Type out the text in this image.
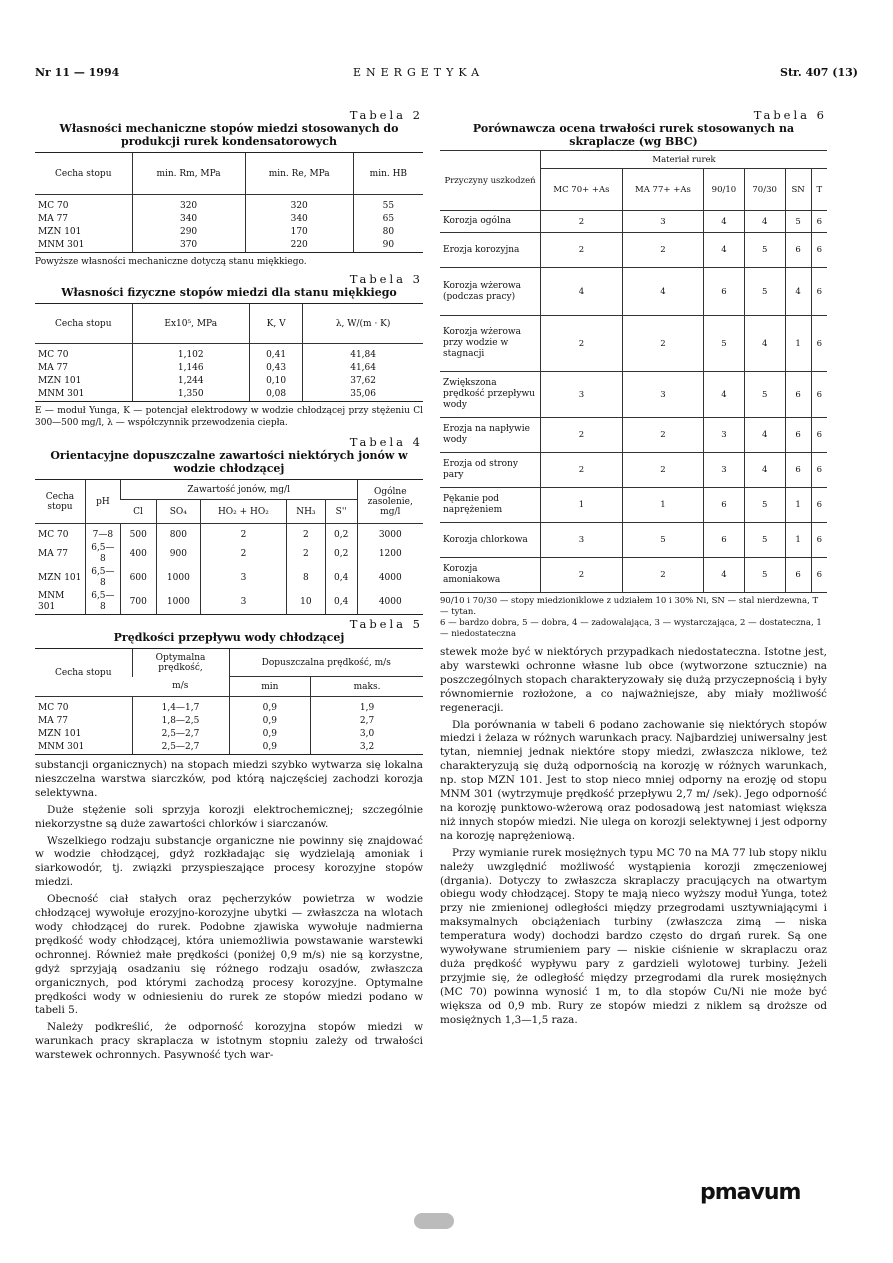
Nr 11 — 1994	ENERGETYKA	Str. 407 (13)
Tabela 2
Własności mechaniczne stopów miedzi stosowanych do produkcji rurek kondensatorowych
Cecha stopu	min. Rm, MPa	min. Re, MPa	min. HB
MC 70	320	320	55
MA 77	340	340	65
MZN 101	290	170	80
MNM 301	370	220	90

Powyższe własności mechaniczne dotyczą stanu miękkiego.

Tabela 3
Własności fizyczne stopów miedzi dla stanu miękkiego
Cecha stopu	Ex10⁵, MPa	K, V	λ, W/(m · K)
MC 70	1,102	0,41	41,84
MA 77	1,146	0,43	41,64
MZN 101	1,244	0,10	37,62
MNM 301	1,350	0,08	35,06

E — moduł Yunga, K — potencjał elektrodowy w wodzie chłodzącej przy stężeniu Cl 300—500 mg/l, λ — współczynnik przewodzenia ciepła.

Tabela 4
Orientacyjne dopuszczalne zawartości niektórych jonów w wodzie chłodzącej
Cecha stopu	pH	Zawartość jonów, mg/l					Ogólne zasolenie, mg/l
		Cl	SO₄	HO₂ + HO₂	NH₃	S''	
MC 70	7—8	500	800	2	2	0,2	3000
MA 77	6,5—8	400	900	2	2	0,2	1200
MZN 101	6,5—8	600	1000	3	8	0,4	4000
MNM 301	6,5—8	700	1000	3	10	0,4	4000
Tabela 5
Prędkości przepływu wody chłodzącej
Cecha stopu	Optymalna prędkość,	Dopuszczalna prędkość, m/s	
	m/s	min	maks.
MC 70	1,4—1,7	0,9	1,9
MA 77	1,8—2,5	0,9	2,7
MZN 101	2,5—2,7	0,9	3,0
MNM 301	2,5—2,7	0,9	3,2

substancji organicznych) na stopach miedzi szybko wytwarza się lokalna nieszczelna warstwa siarczków, pod którą najczęściej zachodzi korozja selektywna.

Duże stężenie soli sprzyja korozji elektrochemicznej; szczególnie niekorzystne są duże zawartości chlorków i siarczanów.

Wszelkiego rodzaju substancje organiczne nie powinny się znajdować w wodzie chłodzącej, gdyż rozkładając się wydzielają amoniak i siarkowodór, tj. związki przyspieszające procesy korozyjne stopów miedzi.

Obecność ciał stałych oraz pęcherzyków powietrza w wodzie chłodzącej wywołuje erozyjno-korozyjne ubytki — zwłaszcza na wlotach wody chłodzącej do rurek. Podobne zjawiska wywołuje nadmierna prędkość wody chłodzącej, która uniemożliwia powstawanie warstewki ochronnej. Również małe prędkości (poniżej 0,9 m/s) nie są korzystne, gdyż sprzyjają osadzaniu się różnego rodzaju osadów, zwłaszcza organicznych, pod którymi zachodzą procesy korozyjne. Optymalne prędkości wody w odniesieniu do rurek ze stopów miedzi podano w tabeli 5.

Należy podkreślić, że odporność korozyjna stopów miedzi w warunkach pracy skraplacza w istotnym stopniu zależy od trwałości warstewek ochronnych. Pasywność tych war-

Tabela 6
Porównawcza ocena trwałości rurek stosowanych na skraplacze (wg BBC)
Przyczyny uszkodzeń	Materiał rurek					
	MC 70+ +As	MA 77+ +As	90/10	70/30	SN	T
Korozja ogólna	2	3	4	4	5	6
Erozja korozyjna	2	2	4	5	6	6
Korozja wżerowa (podczas pracy)	4	4	6	5	4	6
Korozja wżerowa przy wodzie w stagnacji	2	2	5	4	1	6
Zwiększona prędkość przepływu wody	3	3	4	5	6	6
Erozja na napływie wody	2	2	3	4	6	6
Erozja od strony pary	2	2	3	4	6	6
Pękanie pod naprężeniem	1	1	6	5	1	6
Korozja chlorkowa	3	5	6	5	1	6
Korozja amoniakowa	2	2	4	5	6	6

90/10 i 70/30 — stopy miedzioniklowe z udziałem 10 i 30% Ni, SN — stal nierdzewna, T — tytan.

6 — bardzo dobra, 5 — dobra, 4 — zadowalająca, 3 — wystarczająca, 2 — dostateczna, 1 — niedostateczna

stewek może być w niektórych przypadkach niedostateczna. Istotne jest, aby warstewki ochronne własne lub obce (wytworzone sztucznie) na poszczególnych stopach charakteryzowały się dużą przyczepnością i były równomiernie rozłożone, a co najważniejsze, aby miały możliwość regeneracji.

Dla porównania w tabeli 6 podano zachowanie się niektórych stopów miedzi i żelaza w różnych warunkach pracy. Najbardziej uniwersalny jest tytan, niemniej jednak niektóre stopy miedzi, zwłaszcza niklowe, też charakteryzują się dużą odpornością na korozję w różnych warunkach, np. stop MZN 101. Jest to stop nieco mniej odporny na erozję od stopu MNM 301 (wytrzymuje prędkość przepływu 2,7 m/ /sek). Jego odporność na korozję punktowo-wżerową oraz podosadową jest natomiast większa niż innych stopów miedzi. Nie ulega on korozji selektywnej i jest odporny na korozję naprężeniową.

Przy wymianie rurek mosiężnych typu MC 70 na MA 77 lub stopy niklu należy uwzględnić możliwość wystąpienia korozji zmęczeniowej (drgania). Dotyczy to zwłaszcza skraplaczy pracujących na otwartym obiegu wody chłodzącej. Stopy te mają nieco wyższy moduł Yunga, toteż przy nie zmienionej odległości między przegrodami usztywniającymi i maksymalnych obciążeniach turbiny (zwłaszcza zimą — niska temperatura wody) dochodzi bardzo często do drgań rurek. Są one wywoływane strumieniem pary — niskie ciśnienie w skraplaczu oraz duża prędkość wypływu pary z gardzieli wylotowej turbiny. Jeżeli przyjmie się, że odległość między przegrodami dla rurek mosiężnych (MC 70) powinna wynosić 1 m, to dla stopów Cu/Ni nie może być większa od 0,9 mb. Rury ze stopów miedzi z niklem są droższe od mosiężnych 1,3—1,5 raza.

pmavum
